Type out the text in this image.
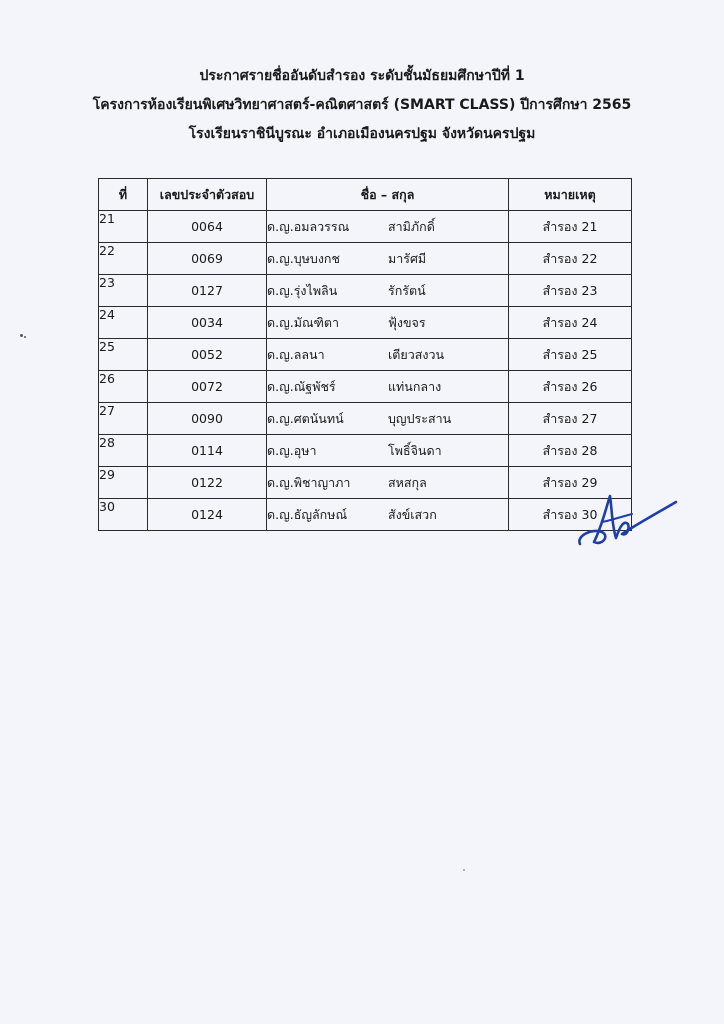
ประกาศรายชื่ออันดับสำรอง ระดับชั้นมัธยมศึกษาปีที่ 1
โครงการห้องเรียนพิเศษวิทยาศาสตร์-คณิตศาสตร์ (SMART CLASS) ปีการศึกษา 2565
โรงเรียนราชินีบูรณะ อำเภอเมืองนครปฐม จังหวัดนครปฐม
ที่	เลขประจำตัวสอบ	ชื่อ – สกุล	หมายเหตุ
21	0064	ด.ญ.อมลวรรณ สามิภักดิ์	สำรอง 21
22	0069	ด.ญ.บุษบงกช มารัศมี	สำรอง 22
23	0127	ด.ญ.รุ่งไพลิน รักรัตน์	สำรอง 23
24	0034	ด.ญ.มัณฑิตา ฟุ้งขจร	สำรอง 24
25	0052	ด.ญ.ลลนา เตียวสงวน	สำรอง 25
26	0072	ด.ญ.ณัฐพัชร์ แท่นกลาง	สำรอง 26
27	0090	ด.ญ.ศตนันทน์ บุญประสาน	สำรอง 27
28	0114	ด.ญ.อุษา โพธิ์จินดา	สำรอง 28
29	0122	ด.ญ.พิชาญาภา สหสกุล	สำรอง 29
30	0124	ด.ญ.ธัญลักษณ์ สังข์เสวก	สำรอง 30
